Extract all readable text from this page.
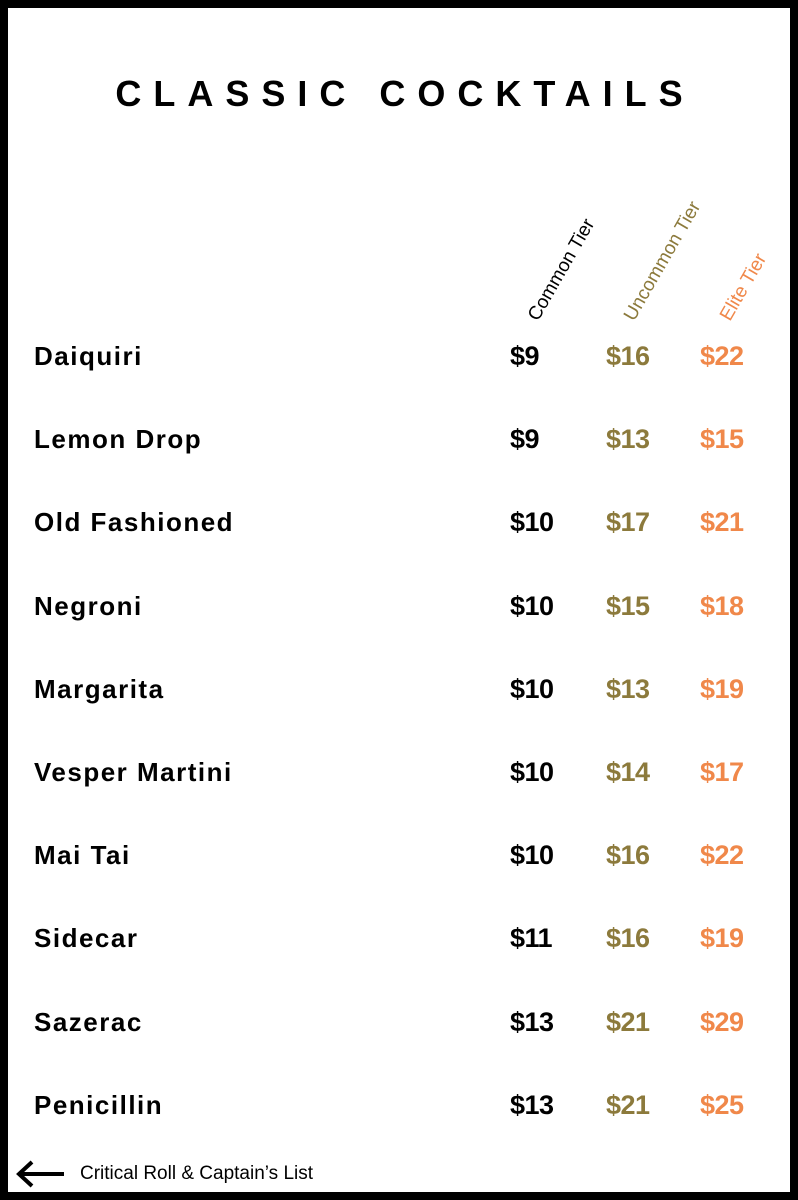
CLASSIC COCKTAILS
Common Tier Uncommon Tier Elite Tier
Daiquiri	$9 $16 $22
Lemon Drop	$9 $13 $15
Old Fashioned	$10 $17 $21
Negroni	$10 $15 $18
Margarita	$10 $13 $19
Vesper Martini	$10 $14 $17
Mai Tai	$10 $16 $22
Sidecar	$11 $16 $19
Sazerac	$13 $21 $29
Penicillin	$13 $21 $25
Critical Roll & Captain’s List
